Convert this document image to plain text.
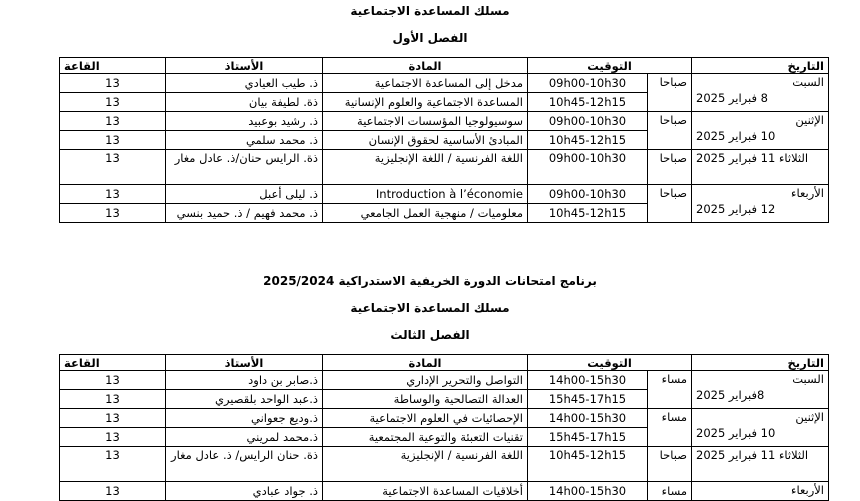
مسلك المساعدة الاجتماعية
الفصل الأول
التاريخ	التوقيت		المادة	الأستاذ	القاعة

السبت
8 فبراير 2025	صباحا	09h00-10h30	مدخل إلى المساعدة الاجتماعية	ذ. طيب العيادي	13
		10h45-12h15	المساعدة الاجتماعية والعلوم الإنسانية	ذة. لطيفة بيان	13

الإثنين
10 فبراير 2025	صباحا	09h00-10h30	سوسيولوجيا المؤسسات الاجتماعية	ذ. رشيد بوعبيد	13
		10h45-12h15	المبادئ الأساسية لحقوق الإنسان	ذ. محمد سلمي	13
الثلاثاء 11 فبراير 2025	صباحا	09h00-10h30	اللغة الفرنسية / اللغة الإنجليزية	ذة. الرايس حنان/ذ. عادل مغار	13

الأربعاء
12 فبراير 2025	صباحا	09h00-10h30	Introduction à l’économie	ذ. ليلى أعبل	13
		10h45-12h15	معلوميات / منهجية العمل الجامعي	ذ. محمد فهيم / ذ. حميد بنسي	13
برنامج امتحانات الدورة الخريفية الاستدراكية 2025/2024
مسلك المساعدة الاجتماعية
الفصل الثالث
التاريخ	التوقيت		المادة	الأستاذ	القاعة

السبت
8فبراير 2025	مساء	14h00-15h30	التواصل والتحرير الإداري	ذ.صابر بن داود	13
		15h45-17h15	العدالة التصالحية والوساطة	ذ.عبد الواحد بلقصيري	13

الإثنين
10 فبراير 2025	مساء	14h00-15h30	الإحصائيات في العلوم الاجتماعية	ذ.وديع جعواني	13
		15h45-17h15	تقنيات التعبئة والتوعية المجتمعية	ذ.محمد لمريني	13
الثلاثاء 11 فبراير 2025	صباحا	10h45-12h15	اللغة الفرنسية / الإنجليزية	ذة. حنان الرايس/ ذ. عادل مغار	13
الأربعاء	مساء	14h00-15h30	أخلاقيات المساعدة الاجتماعية	ذ. جواد عبادي	13
